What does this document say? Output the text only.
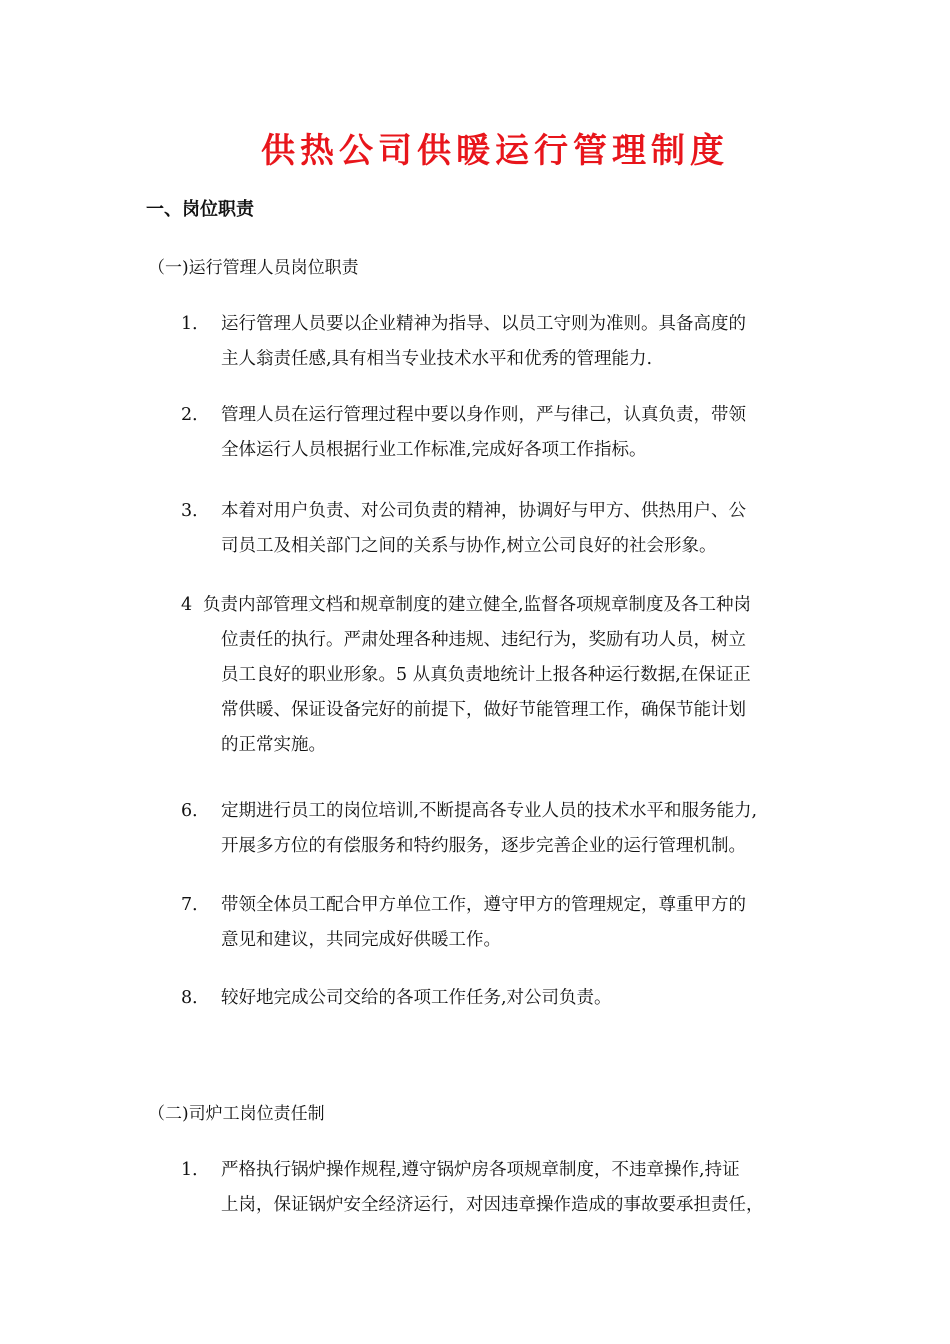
供热公司供暖运行管理制度
一、岗位职责
（一)运行管理人员岗位职责
1． 运行管理人员要以企业精神为指导、以员工守则为准则。具备高度的
主人翁责任感,具有相当专业技术水平和优秀的管理能力.
2． 管理人员在运行管理过程中要以身作则，严与律己，认真负责，带领
全体运行人员根据行业工作标准,完成好各项工作指标。
3． 本着对用户负责、对公司负责的精神，协调好与甲方、供热用户、公
司员工及相关部门之间的关系与协作,树立公司良好的社会形象。
4 负责内部管理文档和规章制度的建立健全,监督各项规章制度及各工种岗
位责任的执行。严肃处理各种违规、违纪行为，奖励有功人员，树立
员工良好的职业形象。5 从真负责地统计上报各种运行数据,在保证正
常供暖、保证设备完好的前提下，做好节能管理工作，确保节能计划
的正常实施。
6． 定期进行员工的岗位培训,不断提高各专业人员的技术水平和服务能力,
开展多方位的有偿服务和特约服务，逐步完善企业的运行管理机制。
7． 带领全体员工配合甲方单位工作，遵守甲方的管理规定，尊重甲方的
意见和建议，共同完成好供暖工作。
8． 较好地完成公司交给的各项工作任务,对公司负责。
（二)司炉工岗位责任制
1． 严格执行锅炉操作规程,遵守锅炉房各项规章制度，不违章操作,持证
上岗，保证锅炉安全经济运行，对因违章操作造成的事故要承担责任，
